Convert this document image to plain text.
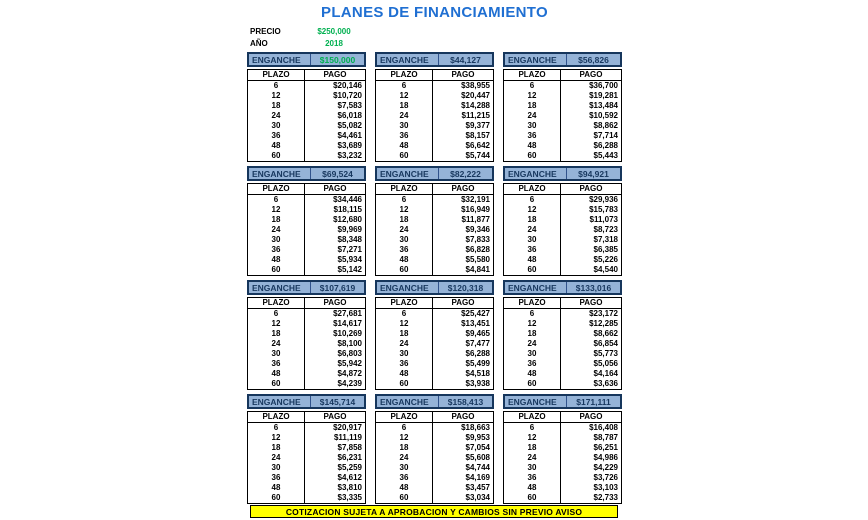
PLANES DE FINANCIAMIENTO
PRECIO	$250,000
AÑO	2018
ENGANCHE	$150,000
PLAZO	PAGO
6	$20,146
12	$10,720
18	$7,583
24	$6,018
30	$5,082
36	$4,461
48	$3,689
60	$3,232
ENGANCHE	$44,127
PLAZO	PAGO
6	$38,955
12	$20,447
18	$14,288
24	$11,215
30	$9,377
36	$8,157
48	$6,642
60	$5,744
ENGANCHE	$56,826
PLAZO	PAGO
6	$36,700
12	$19,281
18	$13,484
24	$10,592
30	$8,862
36	$7,714
48	$6,288
60	$5,443
ENGANCHE	$69,524
PLAZO	PAGO
6	$34,446
12	$18,115
18	$12,680
24	$9,969
30	$8,348
36	$7,271
48	$5,934
60	$5,142
ENGANCHE	$82,222
PLAZO	PAGO
6	$32,191
12	$16,949
18	$11,877
24	$9,346
30	$7,833
36	$6,828
48	$5,580
60	$4,841
ENGANCHE	$94,921
PLAZO	PAGO
6	$29,936
12	$15,783
18	$11,073
24	$8,723
30	$7,318
36	$6,385
48	$5,226
60	$4,540
ENGANCHE	$107,619
PLAZO	PAGO
6	$27,681
12	$14,617
18	$10,269
24	$8,100
30	$6,803
36	$5,942
48	$4,872
60	$4,239
ENGANCHE	$120,318
PLAZO	PAGO
6	$25,427
12	$13,451
18	$9,465
24	$7,477
30	$6,288
36	$5,499
48	$4,518
60	$3,938
ENGANCHE	$133,016
PLAZO	PAGO
6	$23,172
12	$12,285
18	$8,662
24	$6,854
30	$5,773
36	$5,056
48	$4,164
60	$3,636
ENGANCHE	$145,714
PLAZO	PAGO
6	$20,917
12	$11,119
18	$7,858
24	$6,231
30	$5,259
36	$4,612
48	$3,810
60	$3,335
ENGANCHE	$158,413
PLAZO	PAGO
6	$18,663
12	$9,953
18	$7,054
24	$5,608
30	$4,744
36	$4,169
48	$3,457
60	$3,034
ENGANCHE	$171,111
PLAZO	PAGO
6	$16,408
12	$8,787
18	$6,251
24	$4,986
30	$4,229
36	$3,726
48	$3,103
60	$2,733
COTIZACION SUJETA A APROBACION Y CAMBIOS SIN PREVIO AVISO
